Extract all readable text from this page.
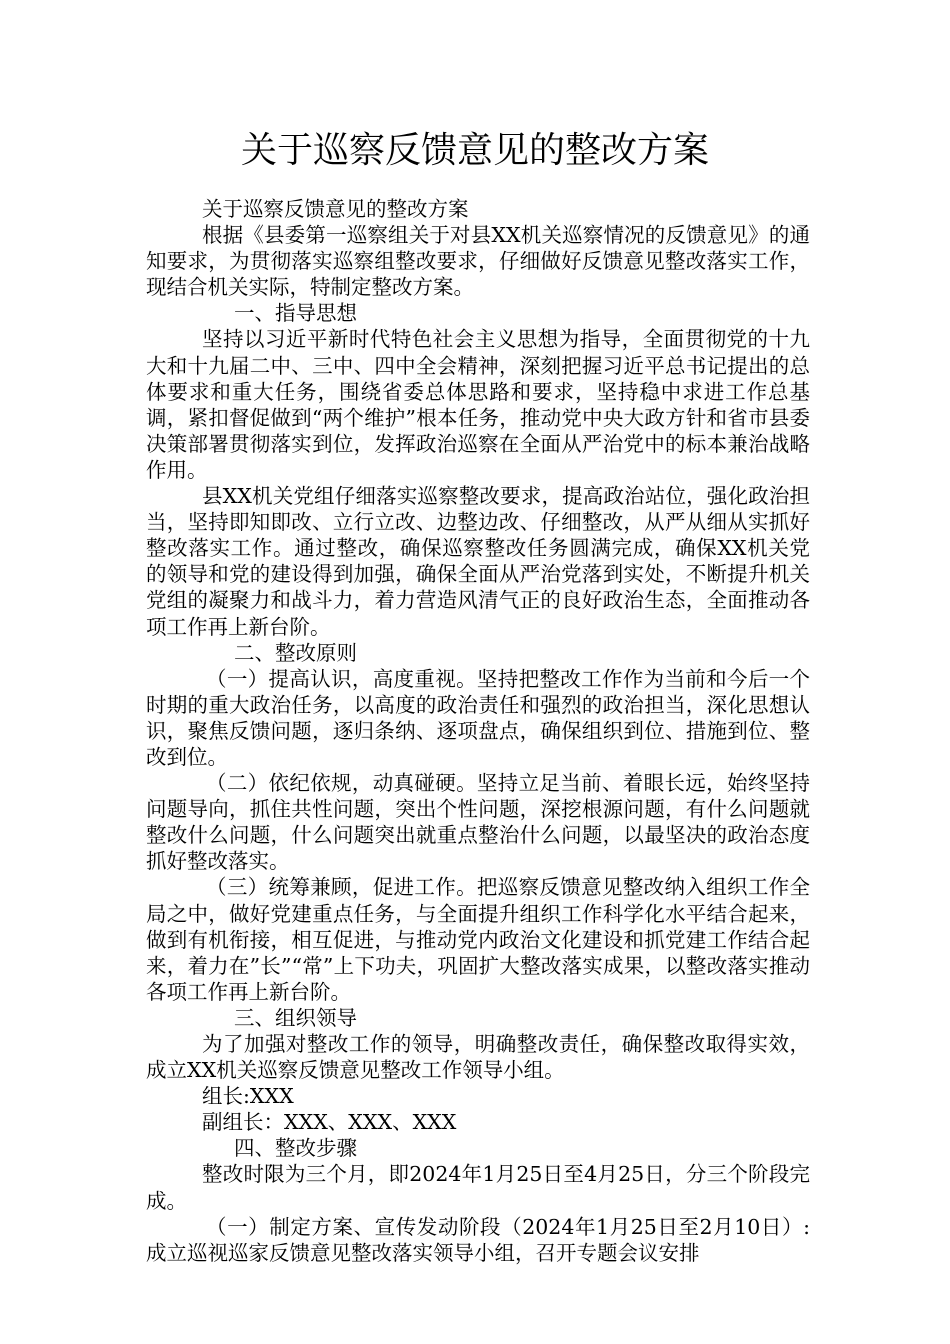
关于巡察反馈意见的整改方案

关于巡察反馈意见的整改方案

根据《县委第一巡察组关于对县XX机关巡察情况的反馈意见》的通知要求，为贯彻落实巡察组整改要求，仔细做好反馈意见整改落实工作，现结合机关实际，特制定整改方案。

一、指导思想

坚持以习近平新时代特色社会主义思想为指导，全面贯彻党的十九大和十九届二中、三中、四中全会精神，深刻把握习近平总书记提出的总体要求和重大任务，围绕省委总体思路和要求，坚持稳中求进工作总基调，紧扣督促做到“两个维护”根本任务，推动党中央大政方针和省市县委决策部署贯彻落实到位，发挥政治巡察在全面从严治党中的标本兼治战略作用。

县XX机关党组仔细落实巡察整改要求，提高政治站位，强化政治担当，坚持即知即改、立行立改、边整边改、仔细整改，从严从细从实抓好整改落实工作。通过整改，确保巡察整改任务圆满完成，确保XX机关党的领导和党的建设得到加强，确保全面从严治党落到实处，不断提升机关党组的凝聚力和战斗力，着力营造风清气正的良好政治生态，全面推动各项工作再上新台阶。

二、整改原则

（一）提高认识，高度重视。坚持把整改工作作为当前和今后一个时期的重大政治任务，以高度的政治责任和强烈的政治担当，深化思想认识，聚焦反馈问题，逐归条纳、逐项盘点，确保组织到位、措施到位、整改到位。

（二）依纪依规，动真碰硬。坚持立足当前、着眼长远，始终坚持问题导向，抓住共性问题，突出个性问题，深挖根源问题，有什么问题就整改什么问题，什么问题突出就重点整治什么问题，以最坚决的政治态度抓好整改落实。

（三）统筹兼顾，促进工作。把巡察反馈意见整改纳入组织工作全局之中，做好党建重点任务，与全面提升组织工作科学化水平结合起来，做到有机衔接，相互促进，与推动党内政治文化建设和抓党建工作结合起来，着力在”长”“常”上下功夫，巩固扩大整改落实成果，以整改落实推动各项工作再上新台阶。

三、组织领导

为了加强对整改工作的领导，明确整改责任，确保整改取得实效，成立XX机关巡察反馈意见整改工作领导小组。

组长:XXX

副组长：XXX、XXX、XXX

四、整改步骤

整改时限为三个月，即2024年1月25日至4月25日，分三个阶段完成。

（一）制定方案、宣传发动阶段（2024年1月25日至2月10日）:成立巡视巡家反馈意见整改落实领导小组，召开专题会议安排
